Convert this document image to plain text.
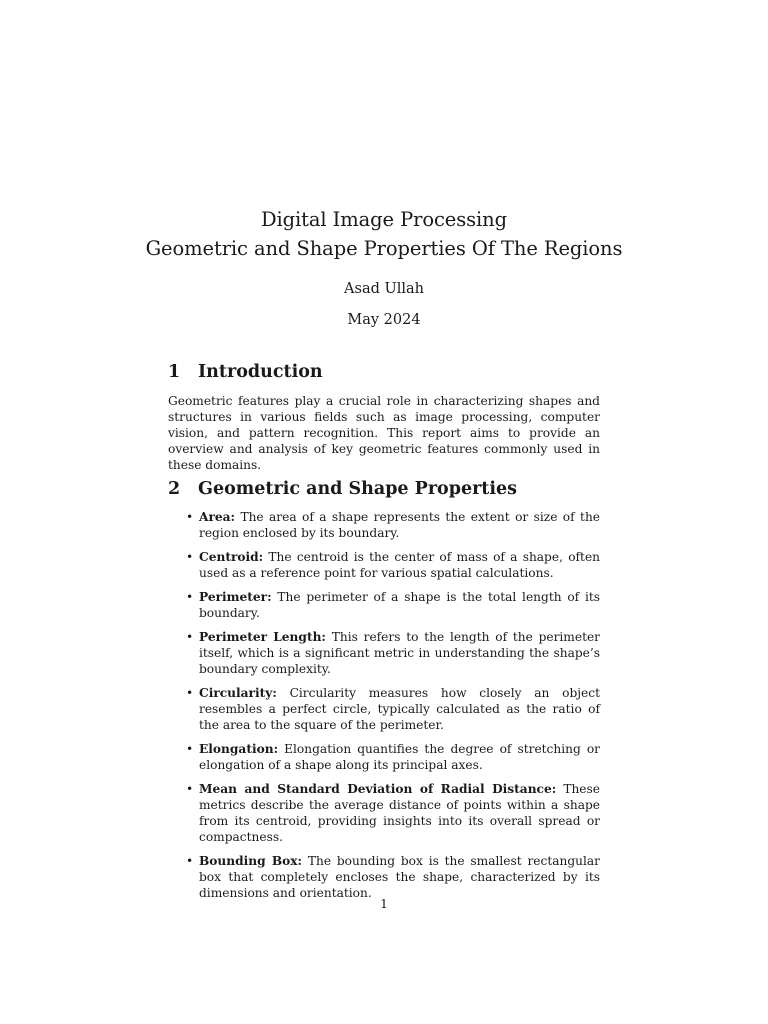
Digital Image Processing
Geometric and Shape Properties Of The Regions
Asad Ullah
May 2024
1	Introduction

Geometric features play a crucial role in characterizing shapes and structures in various fields such as image processing, computer vision, and pattern recognition. This report aims to provide an overview and analysis of key geometric features commonly used in these domains.

2	Geometric and Shape Properties
• Area: The area of a shape represents the extent or size of the region enclosed by its boundary.
• Centroid: The centroid is the center of mass of a shape, often used as a reference point for various spatial calculations.
• Perimeter: The perimeter of a shape is the total length of its boundary.
• Perimeter Length: This refers to the length of the perimeter itself, which is a significant metric in understanding the shape’s boundary complexity.
• Circularity: Circularity measures how closely an object resembles a perfect circle, typically calculated as the ratio of the area to the square of the perimeter.
• Elongation: Elongation quantifies the degree of stretching or elongation of a shape along its principal axes.
• Mean and Standard Deviation of Radial Distance: These metrics describe the average distance of points within a shape from its centroid, providing insights into its overall spread or compactness.
• Bounding Box: The bounding box is the smallest rectangular box that completely encloses the shape, characterized by its dimensions and orientation.
1
